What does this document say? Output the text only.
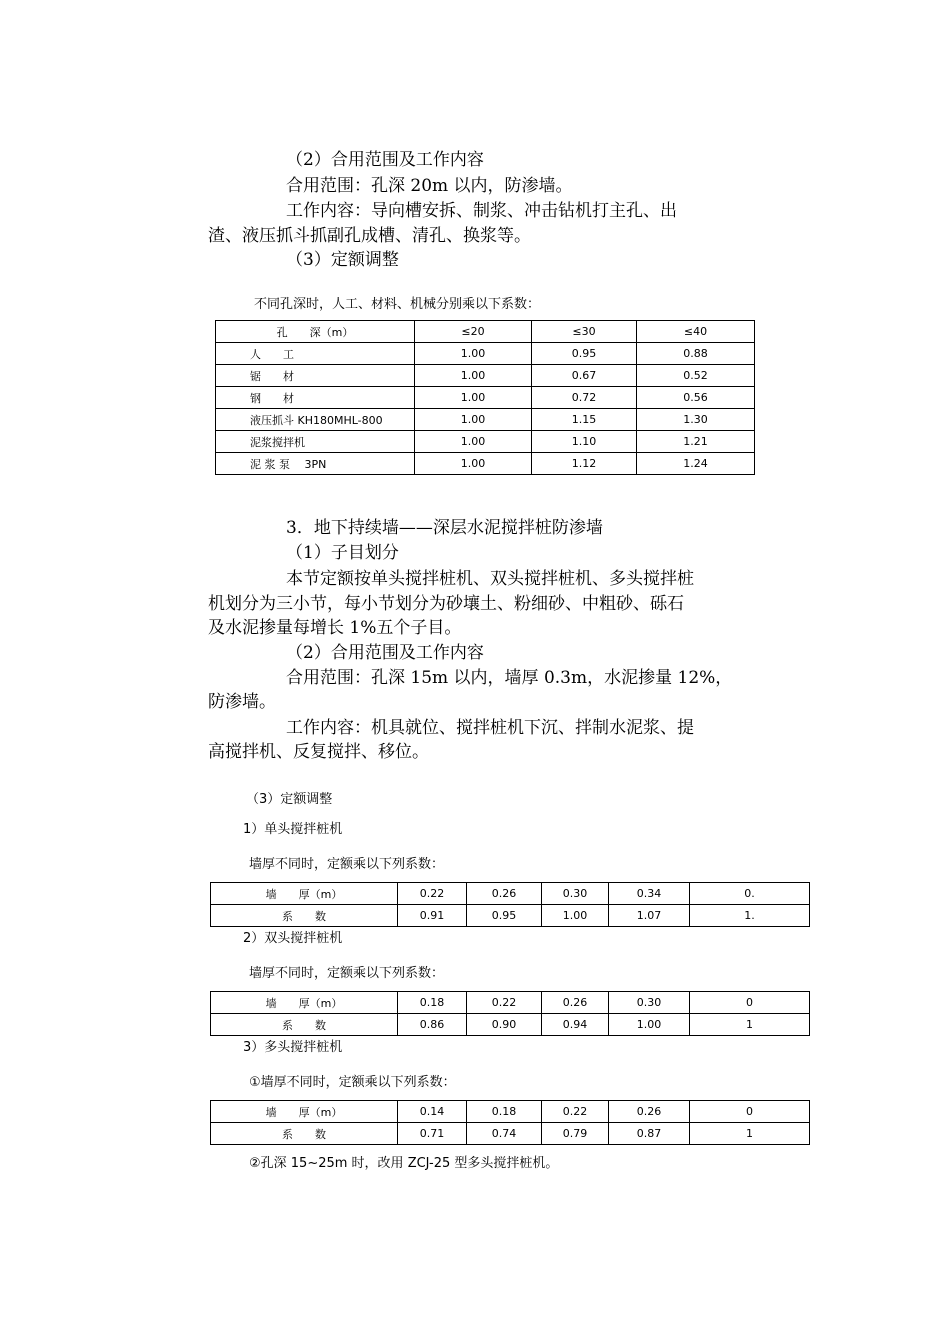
（2）合用范围及工作内容
合用范围：孔深 20m 以内，防渗墙。
工作内容：导向槽安拆、制浆、冲击钻机打主孔、出
渣、液压抓斗抓副孔成槽、清孔、换浆等。
（3）定额调整
不同孔深时，人工、材料、机械分别乘以下系数：
孔　　深（m）	≤20	≤30	≤40
人　　工	1.00	0.95	0.88
锯　　材	1.00	0.67	0.52
钢　　材	1.00	0.72	0.56
液压抓斗 KH180MHL-800	1.00	1.15	1.30
泥浆搅拌机	1.00	1.10	1.21
泥 浆 泵　 3PN	1.00	1.12	1.24
3．地下持续墙——深层水泥搅拌桩防渗墙
（1）子目划分
本节定额按单头搅拌桩机、双头搅拌桩机、多头搅拌桩
机划分为三小节，每小节划分为砂壤土、粉细砂、中粗砂、砾石
及水泥掺量每增长 1%五个子目。
（2）合用范围及工作内容
合用范围：孔深 15m 以内，墙厚 0.3m，水泥掺量 12%，
防渗墙。
工作内容：机具就位、搅拌桩机下沉、拌制水泥浆、提
高搅拌机、反复搅拌、移位。
（3）定额调整
1）单头搅拌桩机
墙厚不同时，定额乘以下列系数：
墙　　厚（m）	0.22	0.26	0.30	0.34	0.
系　　数	0.91	0.95	1.00	1.07	1.
墙　　厚（m）	0.18	0.22	0.26	0.30	0
系　　数	0.86	0.90	0.94	1.00	1
墙　　厚（m）	0.14	0.18	0.22	0.26	0
系　　数	0.71	0.74	0.79	0.87	1
2）双头搅拌桩机
墙厚不同时，定额乘以下列系数：
3）多头搅拌桩机
①墙厚不同时，定额乘以下列系数：
②孔深 15~25m 时，改用 ZCJ-25 型多头搅拌桩机。
